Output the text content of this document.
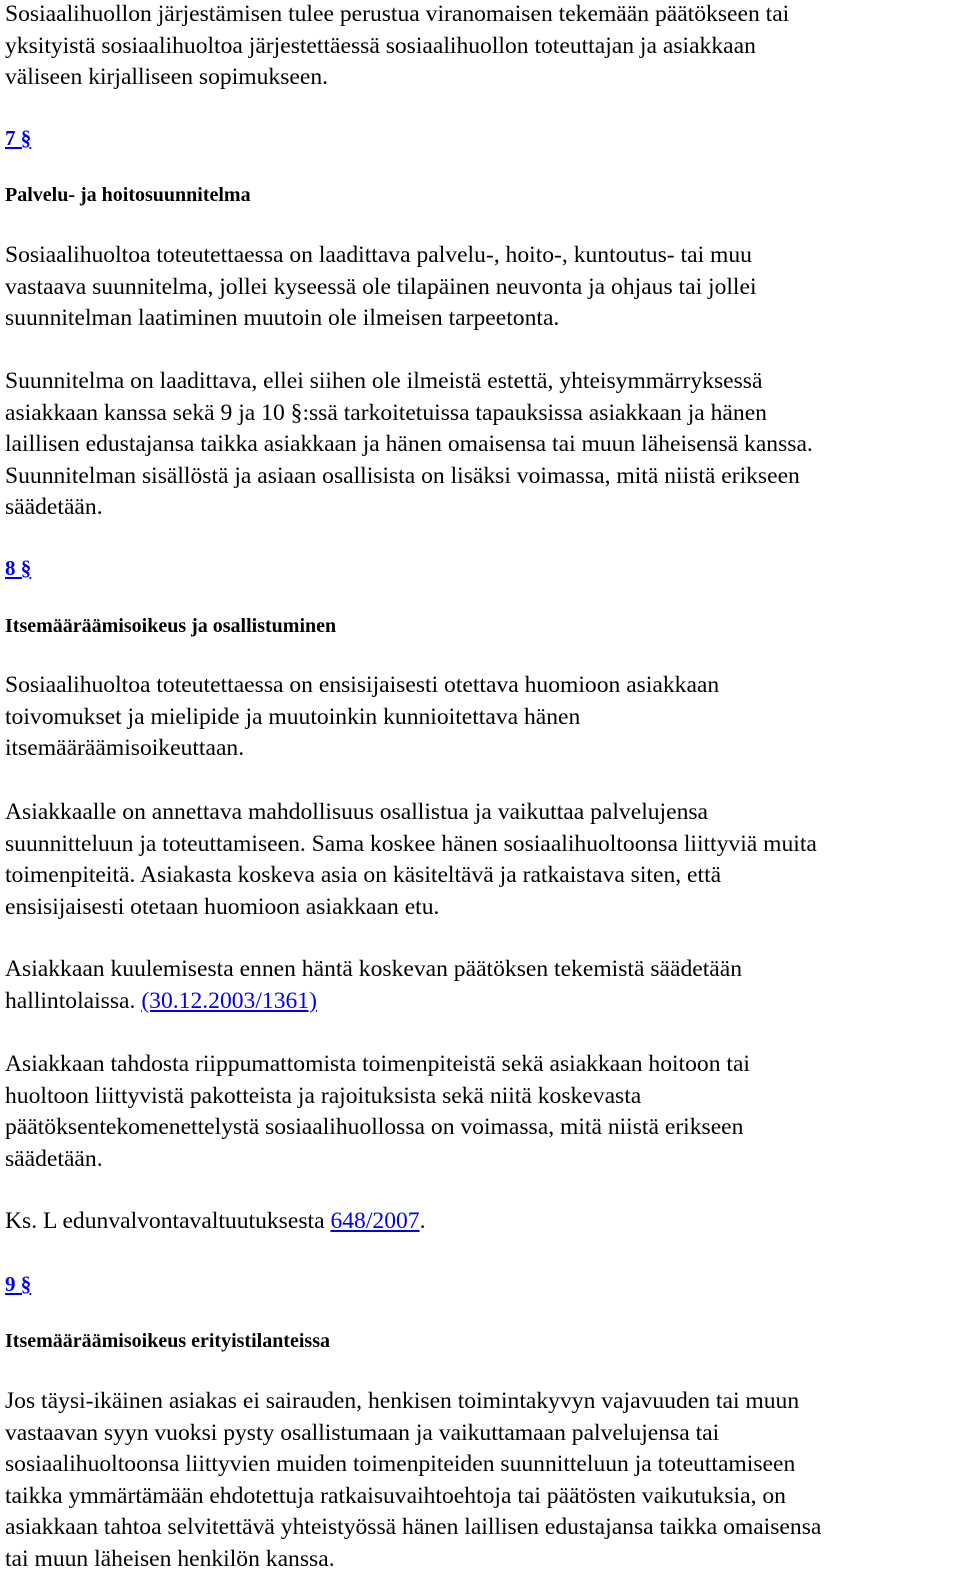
Sosiaalihuollon järjestämisen tulee perustua viranomaisen tekemään päätökseen tai
yksityistä sosiaalihuoltoa järjestettäessä sosiaalihuollon toteuttajan ja asiakkaan
väliseen kirjalliseen sopimukseen.
7 §
Palvelu- ja hoitosuunnitelma
Sosiaalihuoltoa toteutettaessa on laadittava palvelu-, hoito-, kuntoutus- tai muu
vastaava suunnitelma, jollei kyseessä ole tilapäinen neuvonta ja ohjaus tai jollei
suunnitelman laatiminen muutoin ole ilmeisen tarpeetonta.
Suunnitelma on laadittava, ellei siihen ole ilmeistä estettä, yhteisymmärryksessä
asiakkaan kanssa sekä 9 ja 10 §:ssä tarkoitetuissa tapauksissa asiakkaan ja hänen
laillisen edustajansa taikka asiakkaan ja hänen omaisensa tai muun läheisensä kanssa.
Suunnitelman sisällöstä ja asiaan osallisista on lisäksi voimassa, mitä niistä erikseen
säädetään.
8 §
Itsemääräämisoikeus ja osallistuminen
Sosiaalihuoltoa toteutettaessa on ensisijaisesti otettava huomioon asiakkaan
toivomukset ja mielipide ja muutoinkin kunnioitettava hänen
itsemääräämisoikeuttaan.
Asiakkaalle on annettava mahdollisuus osallistua ja vaikuttaa palvelujensa
suunnitteluun ja toteuttamiseen. Sama koskee hänen sosiaalihuoltoonsa liittyviä muita
toimenpiteitä. Asiakasta koskeva asia on käsiteltävä ja ratkaistava siten, että
ensisijaisesti otetaan huomioon asiakkaan etu.
Asiakkaan kuulemisesta ennen häntä koskevan päätöksen tekemistä säädetään
hallintolaissa. (30.12.2003/1361)
Asiakkaan tahdosta riippumattomista toimenpiteistä sekä asiakkaan hoitoon tai
huoltoon liittyvistä pakotteista ja rajoituksista sekä niitä koskevasta
päätöksentekomenettelystä sosiaalihuollossa on voimassa, mitä niistä erikseen
säädetään.
Ks. L edunvalvontavaltuutuksesta 648/2007.
9 §
Itsemääräämisoikeus erityistilanteissa
Jos täysi-ikäinen asiakas ei sairauden, henkisen toimintakyvyn vajavuuden tai muun
vastaavan syyn vuoksi pysty osallistumaan ja vaikuttamaan palvelujensa tai
sosiaalihuoltoonsa liittyvien muiden toimenpiteiden suunnitteluun ja toteuttamiseen
taikka ymmärtämään ehdotettuja ratkaisuvaihtoehtoja tai päätösten vaikutuksia, on
asiakkaan tahtoa selvitettävä yhteistyössä hänen laillisen edustajansa taikka omaisensa
tai muun läheisen henkilön kanssa.
